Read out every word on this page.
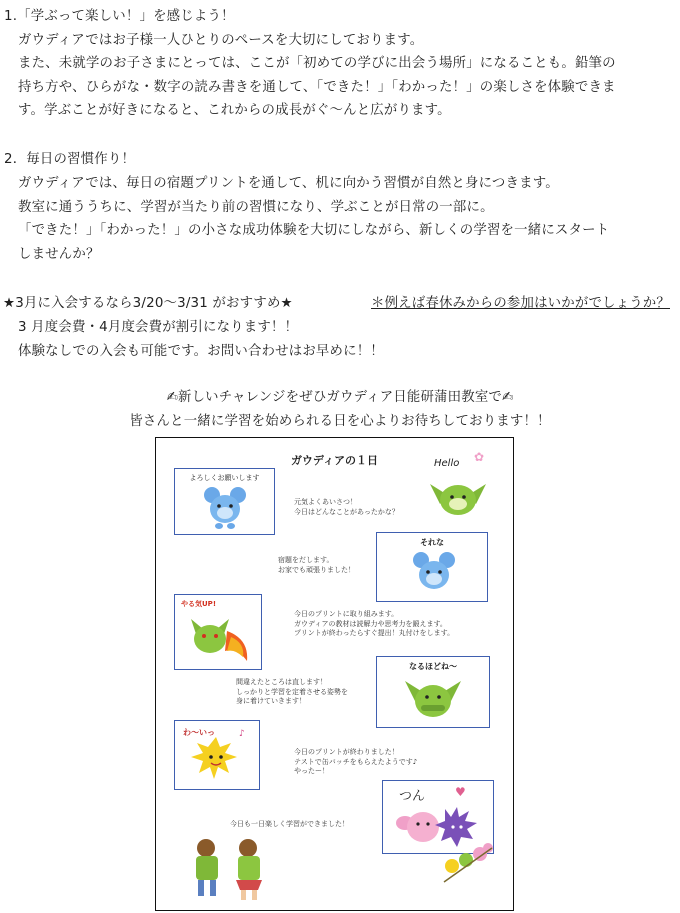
1.「学ぶって楽しい！」を感じよう！
ガウディアではお子様一人ひとりのペースを大切にしております。
また、未就学のお子さまにとっては、ここが「初めての学びに出会う場所」になることも。鉛筆の
持ち方や、ひらがな・数字の読み書きを通して、「できた！」「わかった！」の楽しさを体験できま
す。学ぶことが好きになると、これからの成長がぐ～んと広がります。
2．毎日の習慣作り！
ガウディアでは、毎日の宿題プリントを通して、机に向かう習慣が自然と身につきます。
教室に通ううちに、学習が当たり前の習慣になり、学ぶことが日常の一部に。
「できた！」「わかった！」の小さな成功体験を大切にしながら、新しくの学習を一緒にスタート
しませんか？
★3月に入会するなら3/20～3/31 がおすすめ★	＊例えば春休みからの参加はいかがでしょうか？
3 月度会費・4月度会費が割引になります！！
体験なしでの入会も可能です。お問い合わせはお早めに！！
✍新しいチャレンジをぜひガウディア日能研蒲田教室で✍
皆さんと一緒に学習を始められる日を心よりお待ちしております！！
ガウディアの１日
よろしくお願いします
Hello	✿
元気よくあいさつ！
今日はどんなことがあったかな？
宿題をだします。
お家でも頑張りました！
それな
やる気UP!
今日のプリントに取り組みます。
ガウディアの教材は読解力や思考力を鍛えます。
プリントが終わったらすぐ提出！丸付けをします。
間違えたところは直します！
しっかりと学習を定着させる姿勢を
身に着けていきます！
なるほどね〜
わ〜いっ	♪
今日のプリントが終わりました！
テストで缶バッチをもらえたようです♪
やったー！
つん	♥
今日も一日楽しく学習ができました！
